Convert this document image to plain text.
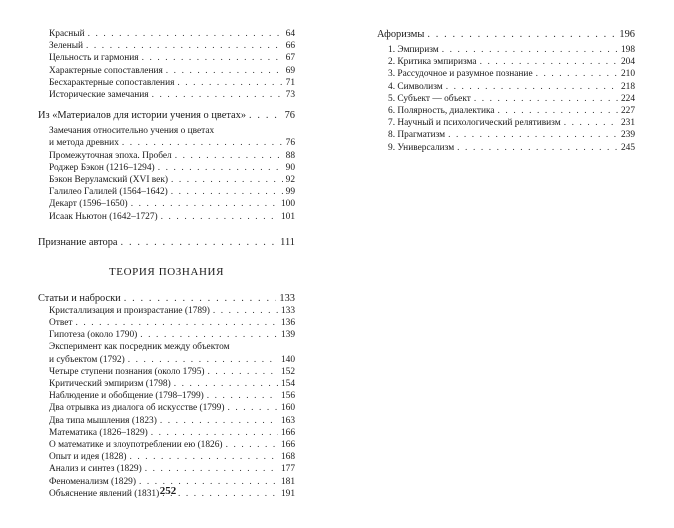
Красный . . .	64
Зеленый . . .	66
Цельность и гармония . . .	67
Характерные сопоставления . . .	69
Бесхарактерные сопоставления . . .	71
Исторические замечания . . .	73
Из «Материалов для истории учения о цветах» . . .	76
Замечания относительно учения о цветах
и метода древних . . .	76
Промежуточная эпоха. Пробел . . .	88
Роджер Бэкон (1216–1294) . . .	90
Бэкон Веруламский (XVI век) . . .	92
Галилео Галилей (1564–1642) . . .	99
Декарт (1596–1650) . . .	100
Исаак Ньютон (1642–1727) . . .	101
Признание автора . . .	111
ТЕОРИЯ ПОЗНАНИЯ
Статьи и наброски . . .	133
Кристаллизация и произрастание (1789) . . .	133
Ответ . . .	136
Гипотеза (около 1790) . . .	139
Эксперимент как посредник между объектом
и субъектом (1792) . . .	140
Четыре ступени познания (около 1795) . . .	152
Критический эмпиризм (1798) . . .	154
Наблюдение и обобщение (1798–1799) . . .	156
Два отрывка из диалога об искусстве (1799) . . .	160
Два типа мышления (1823) . . .	163
Математика (1826–1829) . . .	166
О математике и злоупотреблении ею (1826) . . .	166
Опыт и идея (1828) . . .	168
Анализ и синтез (1829) . . .	177
Феноменализм (1829) . . .	181
Объяснение явлений (1831) . . .	191
Афоризмы . . .	196
1. Эмпиризм . . .	198
2. Критика эмпиризма . . .	204
3. Рассудочное и разумное познание . . .	210
4. Символизм . . .	218
5. Субъект — объект . . .	224
6. Полярность, диалектика . . .	227
7. Научный и психологический релятивизм . . .	231
8. Прагматизм . . .	239
9. Универсализм . . .	245
252
